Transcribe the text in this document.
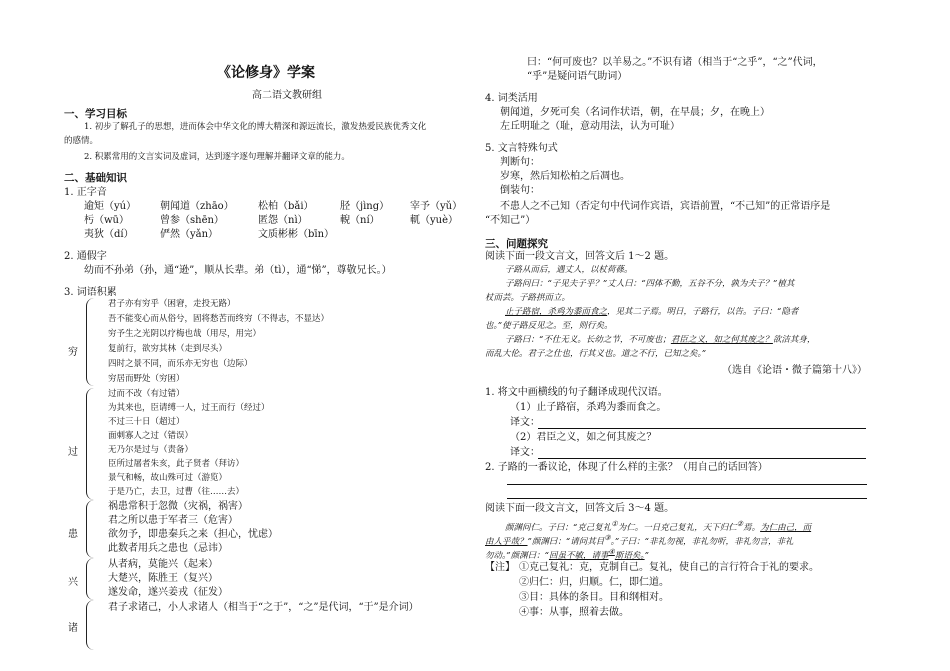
《论修身》学案
高二语文教研组
一、学习目标
1. 初步了解孔子的思想，进而体会中华文化的博大精深和源远流长，激发热爱民族优秀文化
的感情。
2. 积累常用的文言实词及虚词，达到逐字逐句理解并翻译文章的能力。
二、基础知识
1. 正字音
逾矩（yú） 朝闻道（zhāo） 松柏（bǎi）	胫（jìng） 宰予（yǔ）
杇（wū）	曾参（shēn）	匿怨（nì）	輗（ní）	軏（yuè）
夷狄（dí）	俨然（yǎn）	文质彬彬（bīn）
2. 通假字
幼而不孙弟（孙，通“逊”，顺从长辈。弟（tì），通“悌”，尊敬兄长。）
3. 词语积累
穷
君子亦有穷乎（困窘，走投无路）
吾不能变心而从俗兮，固将愁苦而终穷（不得志，不显达）
穷予生之光阴以疗梅也哉（用尽，用完）
复前行，欲穷其林（走到尽头）
四时之景不同，而乐亦无穷也（边际）
穷居而野处（穷困）
过
过而不改（有过错）
为其来也，臣请缚一人，过王而行（经过）
不过三十日（超过）
面刺寡人之过（错误）
无乃尔是过与（责备）
臣所过屠者朱亥，此子贤者（拜访）
景气和畅，故山殊可过（游览）
于是乃亡，去卫，过曹（往……去）
患
祸患常积于忽微（灾祸，祸害）
君之所以患于军者三（危害）
欲勿予，即患秦兵之来（担心，忧虑）
此数者用兵之患也（忌讳）
兴
从者病，莫能兴（起来）
大楚兴，陈胜王（复兴）
遂发命，遂兴姜戎（征发）
诸
君子求诸己，小人求诸人（相当于“之于”，“之”是代词，“于”是介词）
曰：“何可废也？以羊易之。”不识有诸（相当于“之乎”，“之”代词，
“乎”是疑问语气助词）
4. 词类活用
朝闻道，夕死可矣（名词作状语，朝，在早晨；夕，在晚上）
左丘明耻之（耻，意动用法，认为可耻）
5. 文言特殊句式
判断句：
岁寒，然后知松柏之后凋也。
倒装句：
不患人之不己知（否定句中代词作宾语，宾语前置，“不己知”的正常语序是
“不知己”）
三、问题探究
阅读下面一段文言文，回答文后 1～2 题。
子路从而后，遇丈人，以杖荷蓧。
子路问曰：“子见夫子乎？”丈人曰：“四体不勤，五谷不分，孰为夫子？”植其
杖而芸。子路拱而立。
止子路宿，杀鸡为黍而食之，见其二子焉。明日，子路行，以告。子曰：“隐者
也。”使子路反见之。至，则行矣。
子路曰：“不仕无义。长幼之节，不可废也；君臣之义，如之何其废之？欲洁其身，
而乱大伦。君子之仕也，行其义也。道之不行，已知之矣。”
（选自《论语・微子篇第十八》）
1. 将文中画横线的句子翻译成现代汉语。
（1）止子路宿，杀鸡为黍而食之。
译文：
（2）君臣之义，如之何其废之？
译文：
2. 子路的一番议论，体现了什么样的主张？（用自己的话回答）
阅读下面一段文言文，回答文后 3～4 题。
颜渊问仁。子曰：“克己复礼①为仁。一日克己复礼，天下归仁②焉。为仁由己，而
由人乎哉？”颜渊曰：“请问其目③。”子曰：“非礼勿视，非礼勿听，非礼勿言，非礼
勿动。”颜渊曰：“回虽不敏，请事④斯语矣。”
【注】 ①克己复礼：克，克制自己。复礼，使自己的言行符合于礼的要求。
②归仁：归，归顺。仁，即仁道。
③目：具体的条目。目和纲相对。
④事：从事，照着去做。
